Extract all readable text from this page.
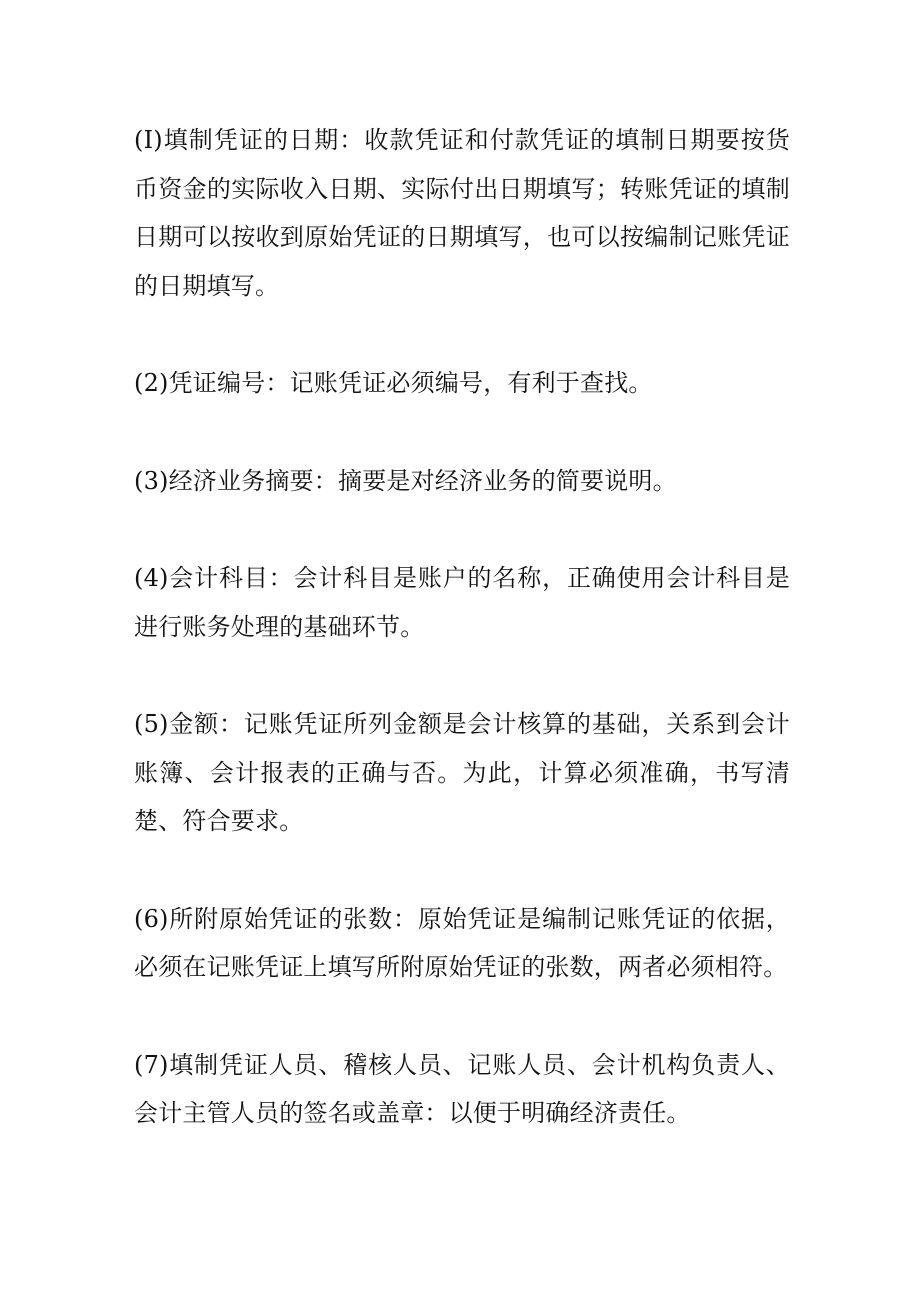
(I)填制凭证的日期：收款凭证和付款凭证的填制日期要按货币资金的实际收入日期、实际付出日期填写；转账凭证的填制日期可以按收到原始凭证的日期填写，也可以按编制记账凭证的日期填写。

(2)凭证编号：记账凭证必须编号，有利于查找。

(3)经济业务摘要：摘要是对经济业务的简要说明。

(4)会计科目：会计科目是账户的名称，正确使用会计科目是进行账务处理的基础环节。

(5)金额：记账凭证所列金额是会计核算的基础，关系到会计账簿、会计报表的正确与否。为此，计算必须准确，书写清楚、符合要求。

(6)所附原始凭证的张数：原始凭证是编制记账凭证的依据，必须在记账凭证上填写所附原始凭证的张数，两者必须相符。

(7)填制凭证人员、稽核人员、记账人员、会计机构负责人、会计主管人员的签名或盖章：以便于明确经济责任。
